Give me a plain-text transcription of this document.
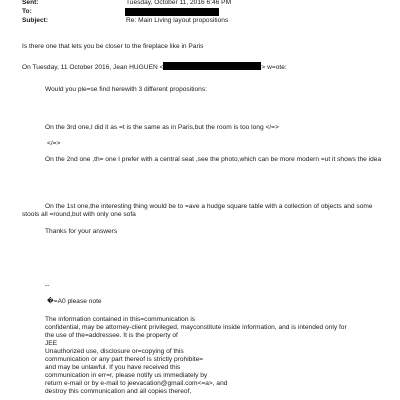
Sent:	Tuesday, October 11, 2016 6:46 PM
To:
Subject:	Re: Main Living layout propositions
Is there one that lets you be closer to the fireplace like in Paris
On Tuesday, 11 October 2016, Jean HUGUEN <	> w=ote:
Would you ple=se find herewith 3 different propositions:
On the 3rd one,I did it as =t is the same as in Paris,but the room is too long </=>
</=>
On the 2nd one ,th= one I prefer with a central seat ,see the photo,which can be more modern =ut it shows the idea
On the 1st one,the interesting thing would be to =ave a hudge square table with a collection of objects and some stools all =round,but with only one sofa
Thanks for your answers
--
�=A0 please note
The information contained in this=communication is
confidential, may be attorney-client privileged, mayconstitute inside information, and is intended only for
the use of the=addressee. It is the property of
JEE
Unauthorized use, disclosure or=copying of this
communication or any part thereof is strictly prohibite=
and may be unlawful. If you have received this
communication in err=r, please notify us immediately by
return e-mail or by e-mail to jeevacation@gmail.com<=a>, and
destroy this communication and all copies thereof,
